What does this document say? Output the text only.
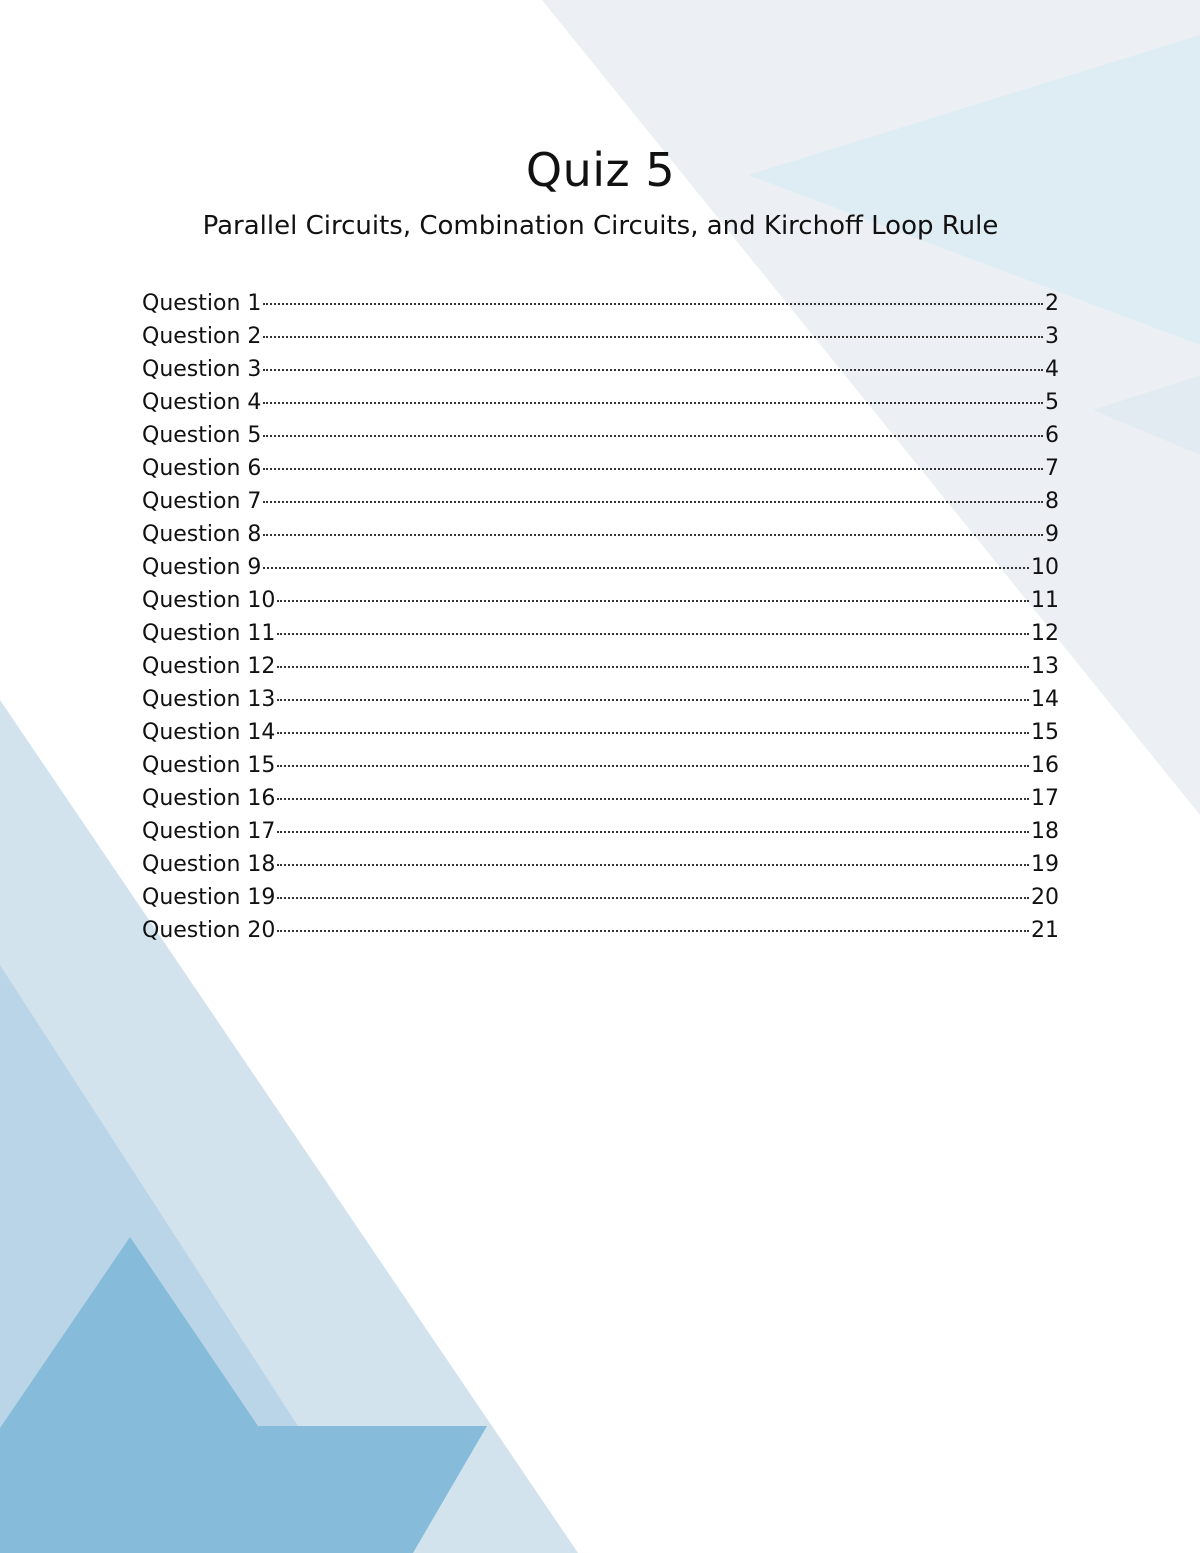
Quiz 5
Parallel Circuits, Combination Circuits, and Kirchoff Loop Rule
Question 1	2
Question 2	3
Question 3	4
Question 4	5
Question 5	6
Question 6	7
Question 7	8
Question 8	9
Question 9	10
Question 10	11
Question 11	12
Question 12	13
Question 13	14
Question 14	15
Question 15	16
Question 16	17
Question 17	18
Question 18	19
Question 19	20
Question 20	21
